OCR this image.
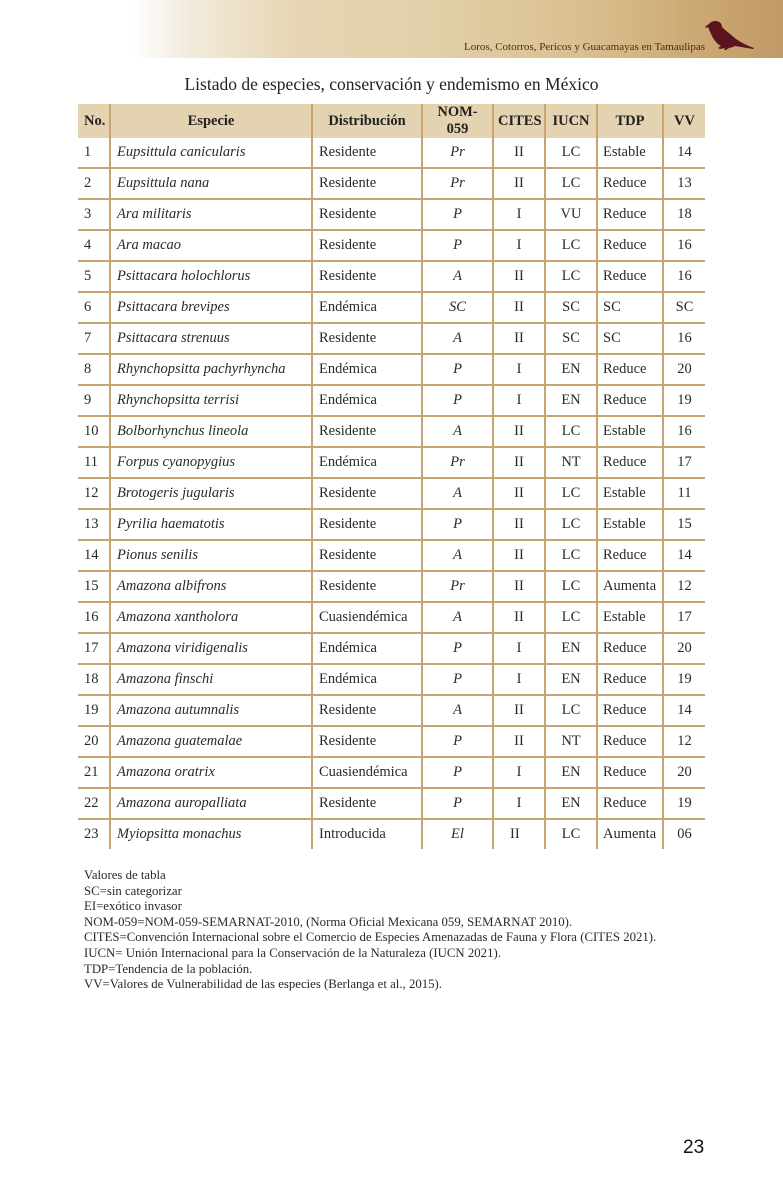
Loros, Cotorros, Pericos y Guacamayas en Tamaulipas
Listado de especies, conservación y endemismo en México
No.	Especie	Distribución	NOM-059	CITES	IUCN	TDP	VV
1	Eupsittula canicularis	Residente	Pr	II	LC	Estable	14
2	Eupsittula nana	Residente	Pr	II	LC	Reduce	13
3	Ara militaris	Residente	P	I	VU	Reduce	18
4	Ara macao	Residente	P	I	LC	Reduce	16
5	Psittacara holochlorus	Residente	A	II	LC	Reduce	16
6	Psittacara brevipes	Endémica	SC	II	SC	SC	SC
7	Psittacara strenuus	Residente	A	II	SC	SC	16
8	Rhynchopsitta pachyrhyncha	Endémica	P	I	EN	Reduce	20
9	Rhynchopsitta terrisi	Endémica	P	I	EN	Reduce	19
10	Bolborhynchus lineola	Residente	A	II	LC	Estable	16
11	Forpus cyanopygius	Endémica	Pr	II	NT	Reduce	17
12	Brotogeris jugularis	Residente	A	II	LC	Estable	11
13	Pyrilia haematotis	Residente	P	II	LC	Estable	15
14	Pionus senilis	Residente	A	II	LC	Reduce	14
15	Amazona albifrons	Residente	Pr	II	LC	Aumenta	12
16	Amazona xantholora	Cuasiendémica	A	II	LC	Estable	17
17	Amazona viridigenalis	Endémica	P	I	EN	Reduce	20
18	Amazona finschi	Endémica	P	I	EN	Reduce	19
19	Amazona autumnalis	Residente	A	II	LC	Reduce	14
20	Amazona guatemalae	Residente	P	II	NT	Reduce	12
21	Amazona oratrix	Cuasiendémica	P	I	EN	Reduce	20
22	Amazona auropalliata	Residente	P	I	EN	Reduce	19
23	Myiopsitta monachus	Introducida	El	II	LC	Aumenta	06
Valores de tabla
SC=sin categorizar
EI=exótico invasor
NOM-059=NOM-059-SEMARNAT-2010, (Norma Oficial Mexicana 059, SEMARNAT 2010).
CITES=Convención Internacional sobre el Comercio de Especies Amenazadas de Fauna y Flora (CITES 2021).
IUCN= Unión Internacional para la Conservación de la Naturaleza (IUCN 2021).
TDP=Tendencia de la población.
VV=Valores de Vulnerabilidad de las especies (Berlanga et al., 2015).
23
